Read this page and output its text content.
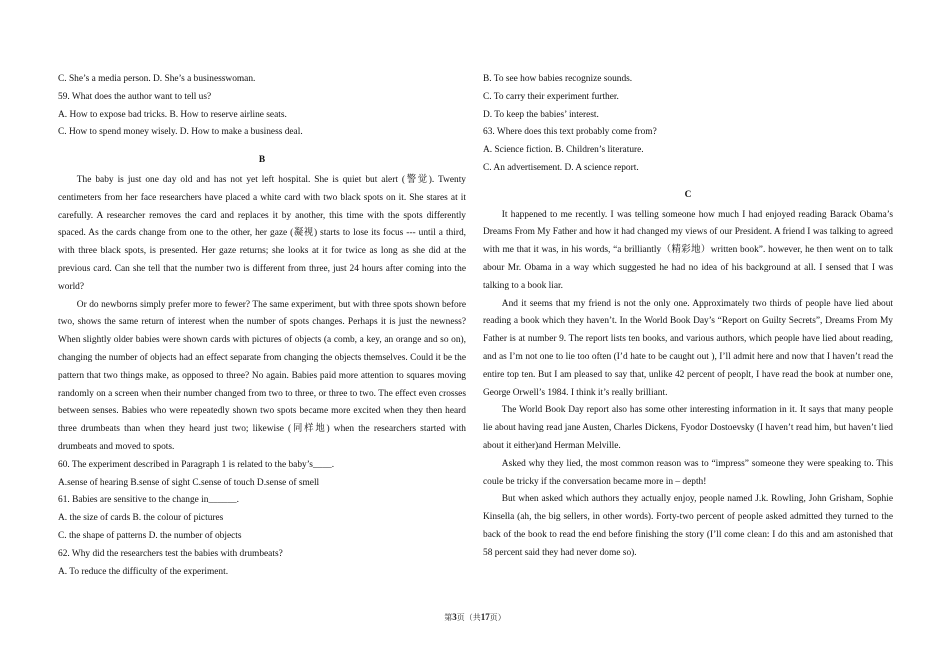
C. She’s a media person. D. She’s a businesswoman.
59. What does the author want to tell us?
A. How to expose bad tricks. B. How to reserve airline seats.
C. How to spend money wisely. D. How to make a business deal.

B

The baby is just one day old and has not yet left hospital. She is quiet but alert (警觉). Twenty centimeters from her face researchers have placed a white card with two black spots on it. She stares at it carefully. A researcher removes the card and replaces it by another, this time with the spots differently spaced. As the cards change from one to the other, her gaze (凝视) starts to lose its focus --- until a third, with three black spots, is presented. Her gaze returns; she looks at it for twice as long as she did at the previous card. Can she tell that the number two is different from three, just 24 hours after coming into the world?

Or do newborns simply prefer more to fewer? The same experiment, but with three spots shown before two, shows the same return of interest when the number of spots changes. Perhaps it is just the newness? When slightly older babies were shown cards with pictures of objects (a comb, a key, an orange and so on), changing the number of objects had an effect separate from changing the objects themselves. Could it be the pattern that two things make, as opposed to three? No again. Babies paid more attention to squares moving randomly on a screen when their number changed from two to three, or three to two. The effect even crosses between senses. Babies who were repeatedly shown two spots became more excited when they then heard three drumbeats than when they heard just two; likewise (同样地) when the researchers started with drumbeats and moved to spots.

60. The experiment described in Paragraph 1 is related to the baby’s____.
A.sense of hearing B.sense of sight C.sense of touch D.sense of smell
61. Babies are sensitive to the change in______.
A. the size of cards B. the colour of pictures
C. the shape of patterns D. the number of objects
62. Why did the researchers test the babies with drumbeats?
A. To reduce the difficulty of the experiment.
B. To see how babies recognize sounds.
C. To carry their experiment further.
D. To keep the babies’ interest.
63. Where does this text probably come from?
A. Science fiction. B. Children’s literature.
C. An advertisement. D. A science report.

C

It happened to me recently. I was telling someone how much I had enjoyed reading Barack Obama’s Dreams From My Father and how it had changed my views of our President. A friend I was talking to agreed with me that it was, in his words, “a brilliantly（精彩地）written book”. however, he then went on to talk abour Mr. Obama in a way which suggested he had no idea of his background at all. I sensed that I was talking to a book liar.

And it seems that my friend is not the only one. Approximately two thirds of people have lied about reading a book which they haven’t. In the World Book Day’s “Report on Guilty Secrets”, Dreams From My Father is at number 9. The report lists ten books, and various authors, which people have lied about reading, and as I’m not one to lie too often (I’d hate to be caught out ), I’ll admit here and now that I haven’t read the entire top ten. But I am pleased to say that, unlike 42 percent of peoplt, I have read the book at number one, George Orwell’s 1984. I think it’s really brilliant.

The World Book Day report also has some other interesting information in it. It says that many people lie about having read jane Austen, Charles Dickens, Fyodor Dostoevsky (I haven’t read him, but haven’t lied about it either)and Herman Melville.

Asked why they lied, the most common reason was to “impress” someone they were speaking to. This coule be tricky if the conversation became more in – depth!

But when asked which authors they actually enjoy, people named J.k. Rowling, John Grisham, Sophie Kinsella (ah, the big sellers, in other words). Forty-two percent of people asked admitted they turned to the back of the book to read the end before finishing the story (I’ll come clean: I do this and am astonished that 58 percent said they had never dome so).

第3页（共17页）
